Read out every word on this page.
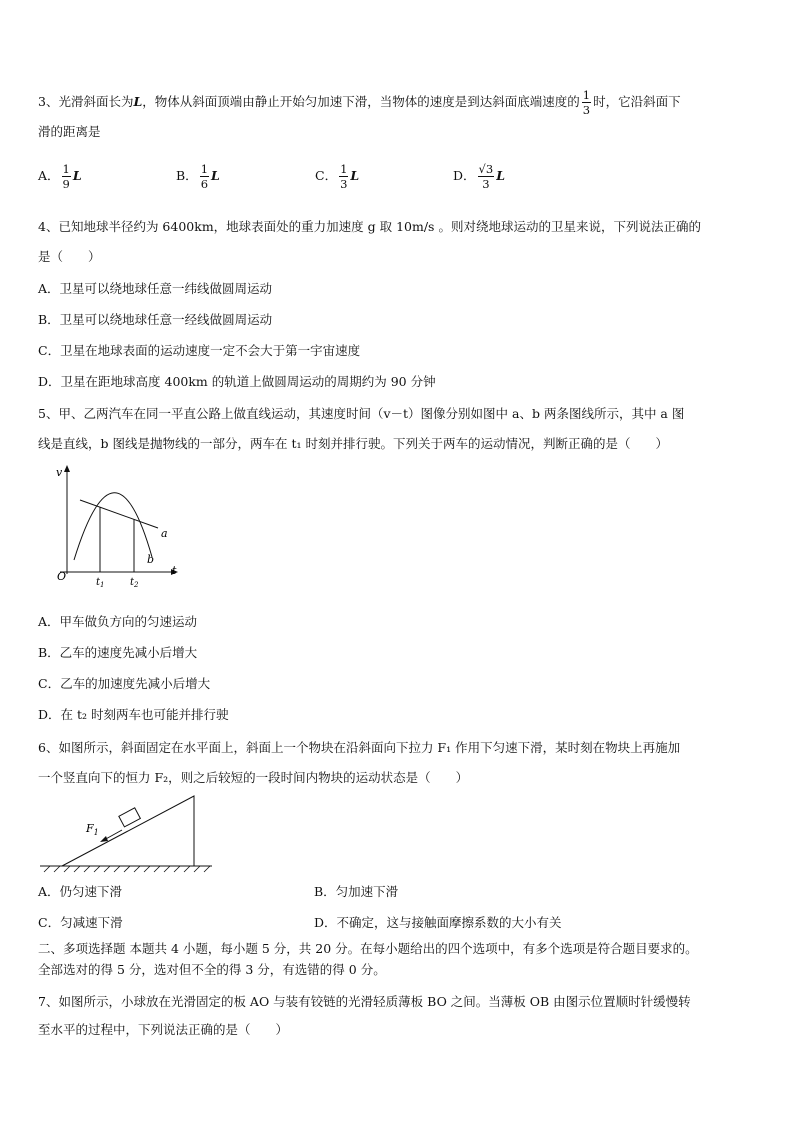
3、光滑斜面长为L，物体从斜面顶端由静止开始匀加速下滑，当物体的速度是到达斜面底端速度的 $\frac{1}{3}$ 时，它沿斜面下
滑的距离是
A． $\frac{1}{9}$ L	B． $\frac{1}{6}$ L	C． $\frac{1}{3}$ L	D． $\frac{√3}{3}$ L
4、已知地球半径约为 6400km，地球表面处的重力加速度 g 取 10m/s 。则对绕地球运动的卫星来说，下列说法正确的
是（　　）
A．卫星可以绕地球任意一纬线做圆周运动
B．卫星可以绕地球任意一经线做圆周运动
C．卫星在地球表面的运动速度一定不会大于第一宇宙速度
D．卫星在距地球高度 400km 的轨道上做圆周运动的周期约为 90 分钟
5、甲、乙两汽车在同一平直公路上做直线运动，其速度时间（v－t）图像分别如图中 a、b 两条图线所示，其中 a 图
线是直线，b 图线是抛物线的一部分，两车在 t₁ 时刻并排行驶。下列关于两车的运动情况，判断正确的是（　　）
v
t
O
a
b
$t_1$	$t_2$
A．甲车做负方向的匀速运动
B．乙车的速度先减小后增大
C．乙车的加速度先减小后增大
D．在 t₂ 时刻两车也可能并排行驶
6、如图所示，斜面固定在水平面上，斜面上一个物块在沿斜面向下拉力 F₁ 作用下匀速下滑，某时刻在物块上再施加
一个竖直向下的恒力 F₂，则之后较短的一段时间内物块的运动状态是（　　）
$F_1$
A．仍匀速下滑	B．匀加速下滑
C．匀减速下滑	D．不确定，这与接触面摩擦系数的大小有关
二、多项选择题 本题共 4 小题，每小题 5 分，共 20 分。在每小题给出的四个选项中，有多个选项是符合题目要求的。
全部选对的得 5 分，选对但不全的得 3 分，有选错的得 0 分。
7、如图所示，小球放在光滑固定的板 AO 与装有铰链的光滑轻质薄板 BO 之间。当薄板 OB 由图示位置顺时针缓慢转
至水平的过程中，下列说法正确的是（　　）
